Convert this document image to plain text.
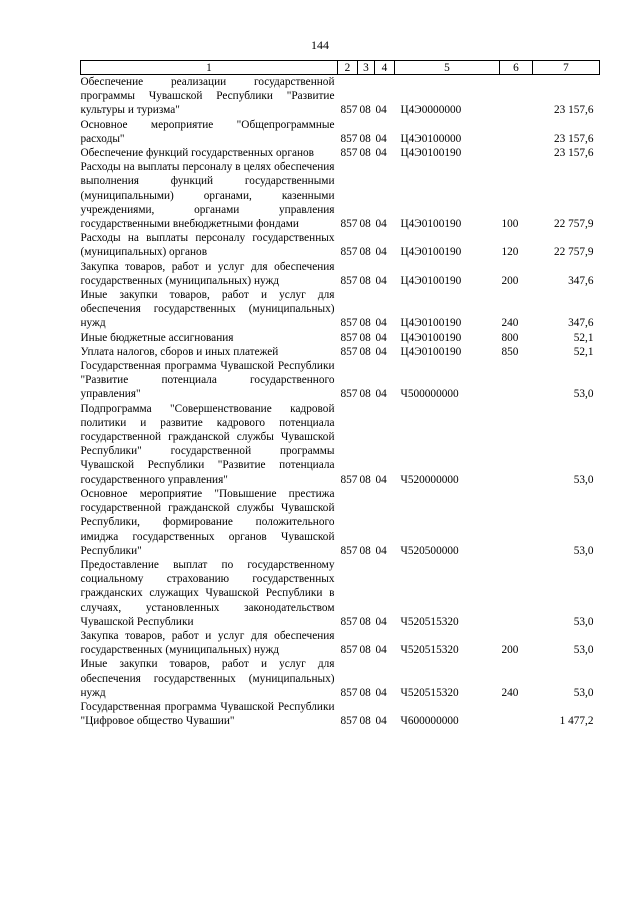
144
1	2	3	4	5	6	7
Обеспечение реализации государственной программы Чувашской Республики "Развитие культуры и туризма"	857	08	04	Ц4Э0000000		23 157,6
Основное мероприятие "Общепрограммные расходы"	857	08	04	Ц4Э0100000		23 157,6
Обеспечение функций государственных органов	857	08	04	Ц4Э0100190		23 157,6
Расходы на выплаты персоналу в целях обеспечения выполнения функций государственными (муниципальными) органами, казенными учреждениями, органами управления государственными внебюджетными фондами	857	08	04	Ц4Э0100190	100	22 757,9
Расходы на выплаты персоналу государственных (муниципальных) органов	857	08	04	Ц4Э0100190	120	22 757,9
Закупка товаров, работ и услуг для обеспечения государственных (муниципальных) нужд	857	08	04	Ц4Э0100190	200	347,6
Иные закупки товаров, работ и услуг для обеспечения государственных (муниципальных) нужд	857	08	04	Ц4Э0100190	240	347,6
Иные бюджетные ассигнования	857	08	04	Ц4Э0100190	800	52,1
Уплата налогов, сборов и иных платежей	857	08	04	Ц4Э0100190	850	52,1
Государственная программа Чувашской Республики "Развитие потенциала государственного управления"	857	08	04	Ч500000000		53,0
Подпрограмма "Совершенствование кадровой политики и развитие кадрового потенциала государственной гражданской службы Чувашской Республики" государственной программы Чувашской Республики "Развитие потенциала государственного управления"	857	08	04	Ч520000000		53,0
Основное мероприятие "Повышение престижа государственной гражданской службы Чувашской Республики, формирование положительного имиджа государственных органов Чувашской Республики"	857	08	04	Ч520500000		53,0
Предоставление выплат по государственному социальному страхованию государственных гражданских служащих Чувашской Республики в случаях, установленных законодательством Чувашской Республики	857	08	04	Ч520515320		53,0
Закупка товаров, работ и услуг для обеспечения государственных (муниципальных) нужд	857	08	04	Ч520515320	200	53,0
Иные закупки товаров, работ и услуг для обеспечения государственных (муниципальных) нужд	857	08	04	Ч520515320	240	53,0
Государственная программа Чувашской Республики "Цифровое общество Чувашии"	857	08	04	Ч600000000		1 477,2
